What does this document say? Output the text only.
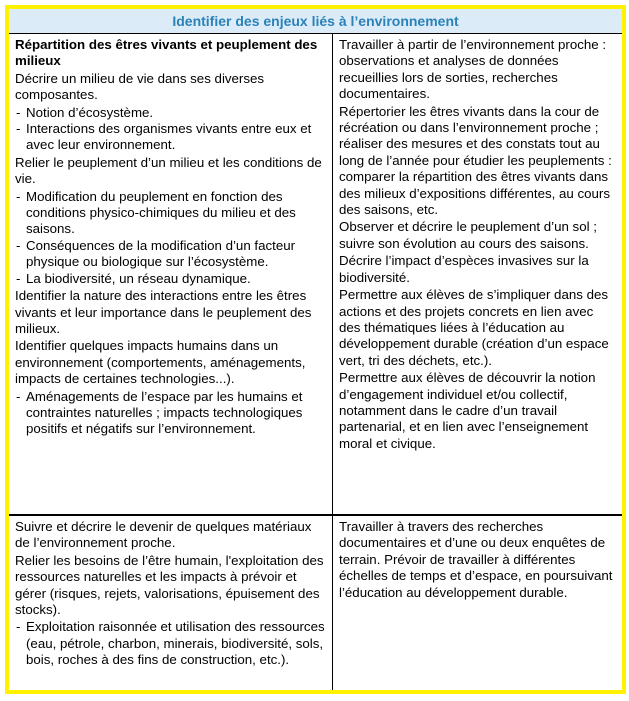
Identifier des enjeux liés à l’environnement

Répartition des êtres vivants et peuplement des milieux

Décrire un milieu de vie dans ses diverses composantes.

- Notion d’écosystème.
- Interactions des organismes vivants entre eux et avec leur environnement.

Relier le peuplement d’un milieu et les conditions de vie.

- Modification du peuplement en fonction des conditions physico-chimiques du milieu et des saisons.
- Conséquences de la modification d’un facteur physique ou biologique sur l’écosystème.
- La biodiversité, un réseau dynamique.

Identifier la nature des interactions entre les êtres vivants et leur importance dans le peuplement des milieux.

Identifier quelques impacts humains dans un environnement (comportements, aménagements, impacts de certaines technologies...).

- Aménagements de l’espace par les humains et contraintes naturelles ; impacts technologiques positifs et négatifs sur l’environnement.

Travailler à partir de l’environnement proche : observations et analyses de données recueillies lors de sorties, recherches documentaires.

Répertorier les êtres vivants dans la cour de récréation ou dans l’environnement proche ; réaliser des mesures et des constats tout au long de l’année pour étudier les peuplements : comparer la répartition des êtres vivants dans des milieux d’expositions différentes, au cours des saisons, etc.

Observer et décrire le peuplement d’un sol ; suivre son évolution au cours des saisons.

Décrire l’impact d’espèces invasives sur la biodiversité.

Permettre aux élèves de s’impliquer dans des actions et des projets concrets en lien avec des thématiques liées à l’éducation au développement durable (création d’un espace vert, tri des déchets, etc.).

Permettre aux élèves de découvrir la notion d’engagement individuel et/ou collectif, notamment dans le cadre d’un travail partenarial, et en lien avec l’enseignement moral et civique.

Suivre et décrire le devenir de quelques matériaux de l’environnement proche.

Relier les besoins de l’être humain, l'exploitation des ressources naturelles et les impacts à prévoir et gérer (risques, rejets, valorisations, épuisement des stocks).

- Exploitation raisonnée et utilisation des ressources (eau, pétrole, charbon, minerais, biodiversité, sols, bois, roches à des fins de construction, etc.).

Travailler à travers des recherches documentaires et d’une ou deux enquêtes de terrain. Prévoir de travailler à différentes échelles de temps et d’espace, en poursuivant l’éducation au développement durable.
